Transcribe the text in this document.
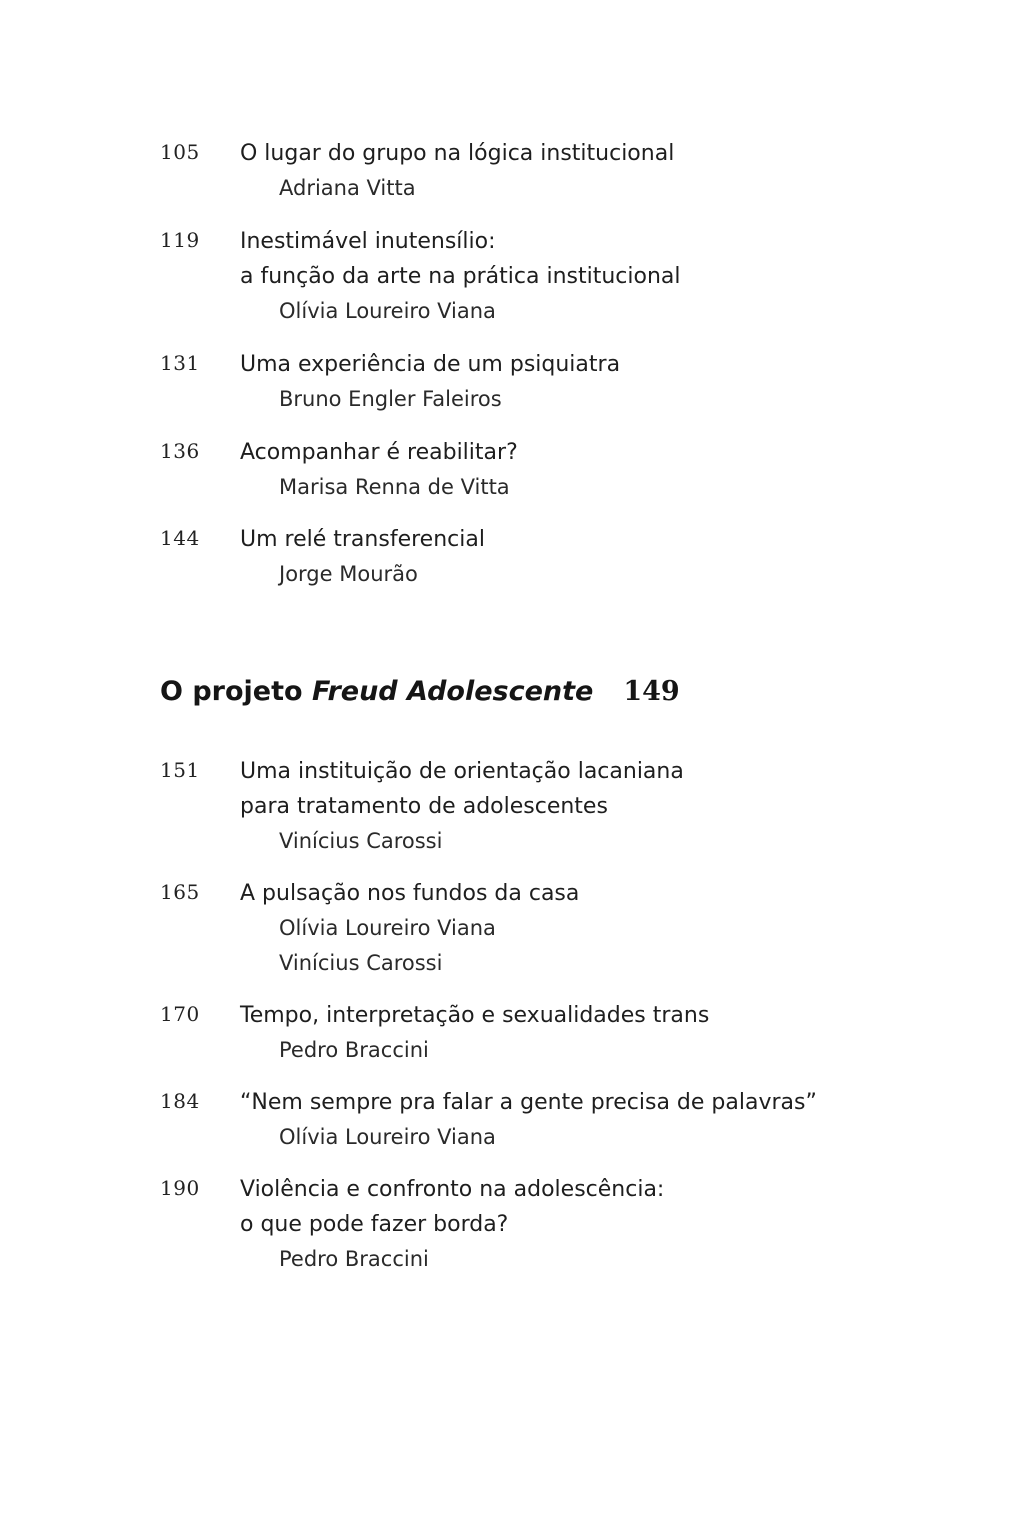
105 O lugar do grupo na lógica institucional
Adriana Vitta
119 Inestimável inutensílio:
a função da arte na prática institucional
Olívia Loureiro Viana
131 Uma experiência de um psiquiatra
Bruno Engler Faleiros
136 Acompanhar é reabilitar?
Marisa Renna de Vitta
144 Um relé transferencial
Jorge Mourão
O projeto Freud Adolescente 149
151 Uma instituição de orientação lacaniana
para tratamento de adolescentes
Vinícius Carossi
165 A pulsação nos fundos da casa
Olívia Loureiro Viana
Vinícius Carossi
170 Tempo, interpretação e sexualidades trans
Pedro Braccini
184 “Nem sempre pra falar a gente precisa de palavras”
Olívia Loureiro Viana
190 Violência e confronto na adolescência:
o que pode fazer borda?
Pedro Braccini
